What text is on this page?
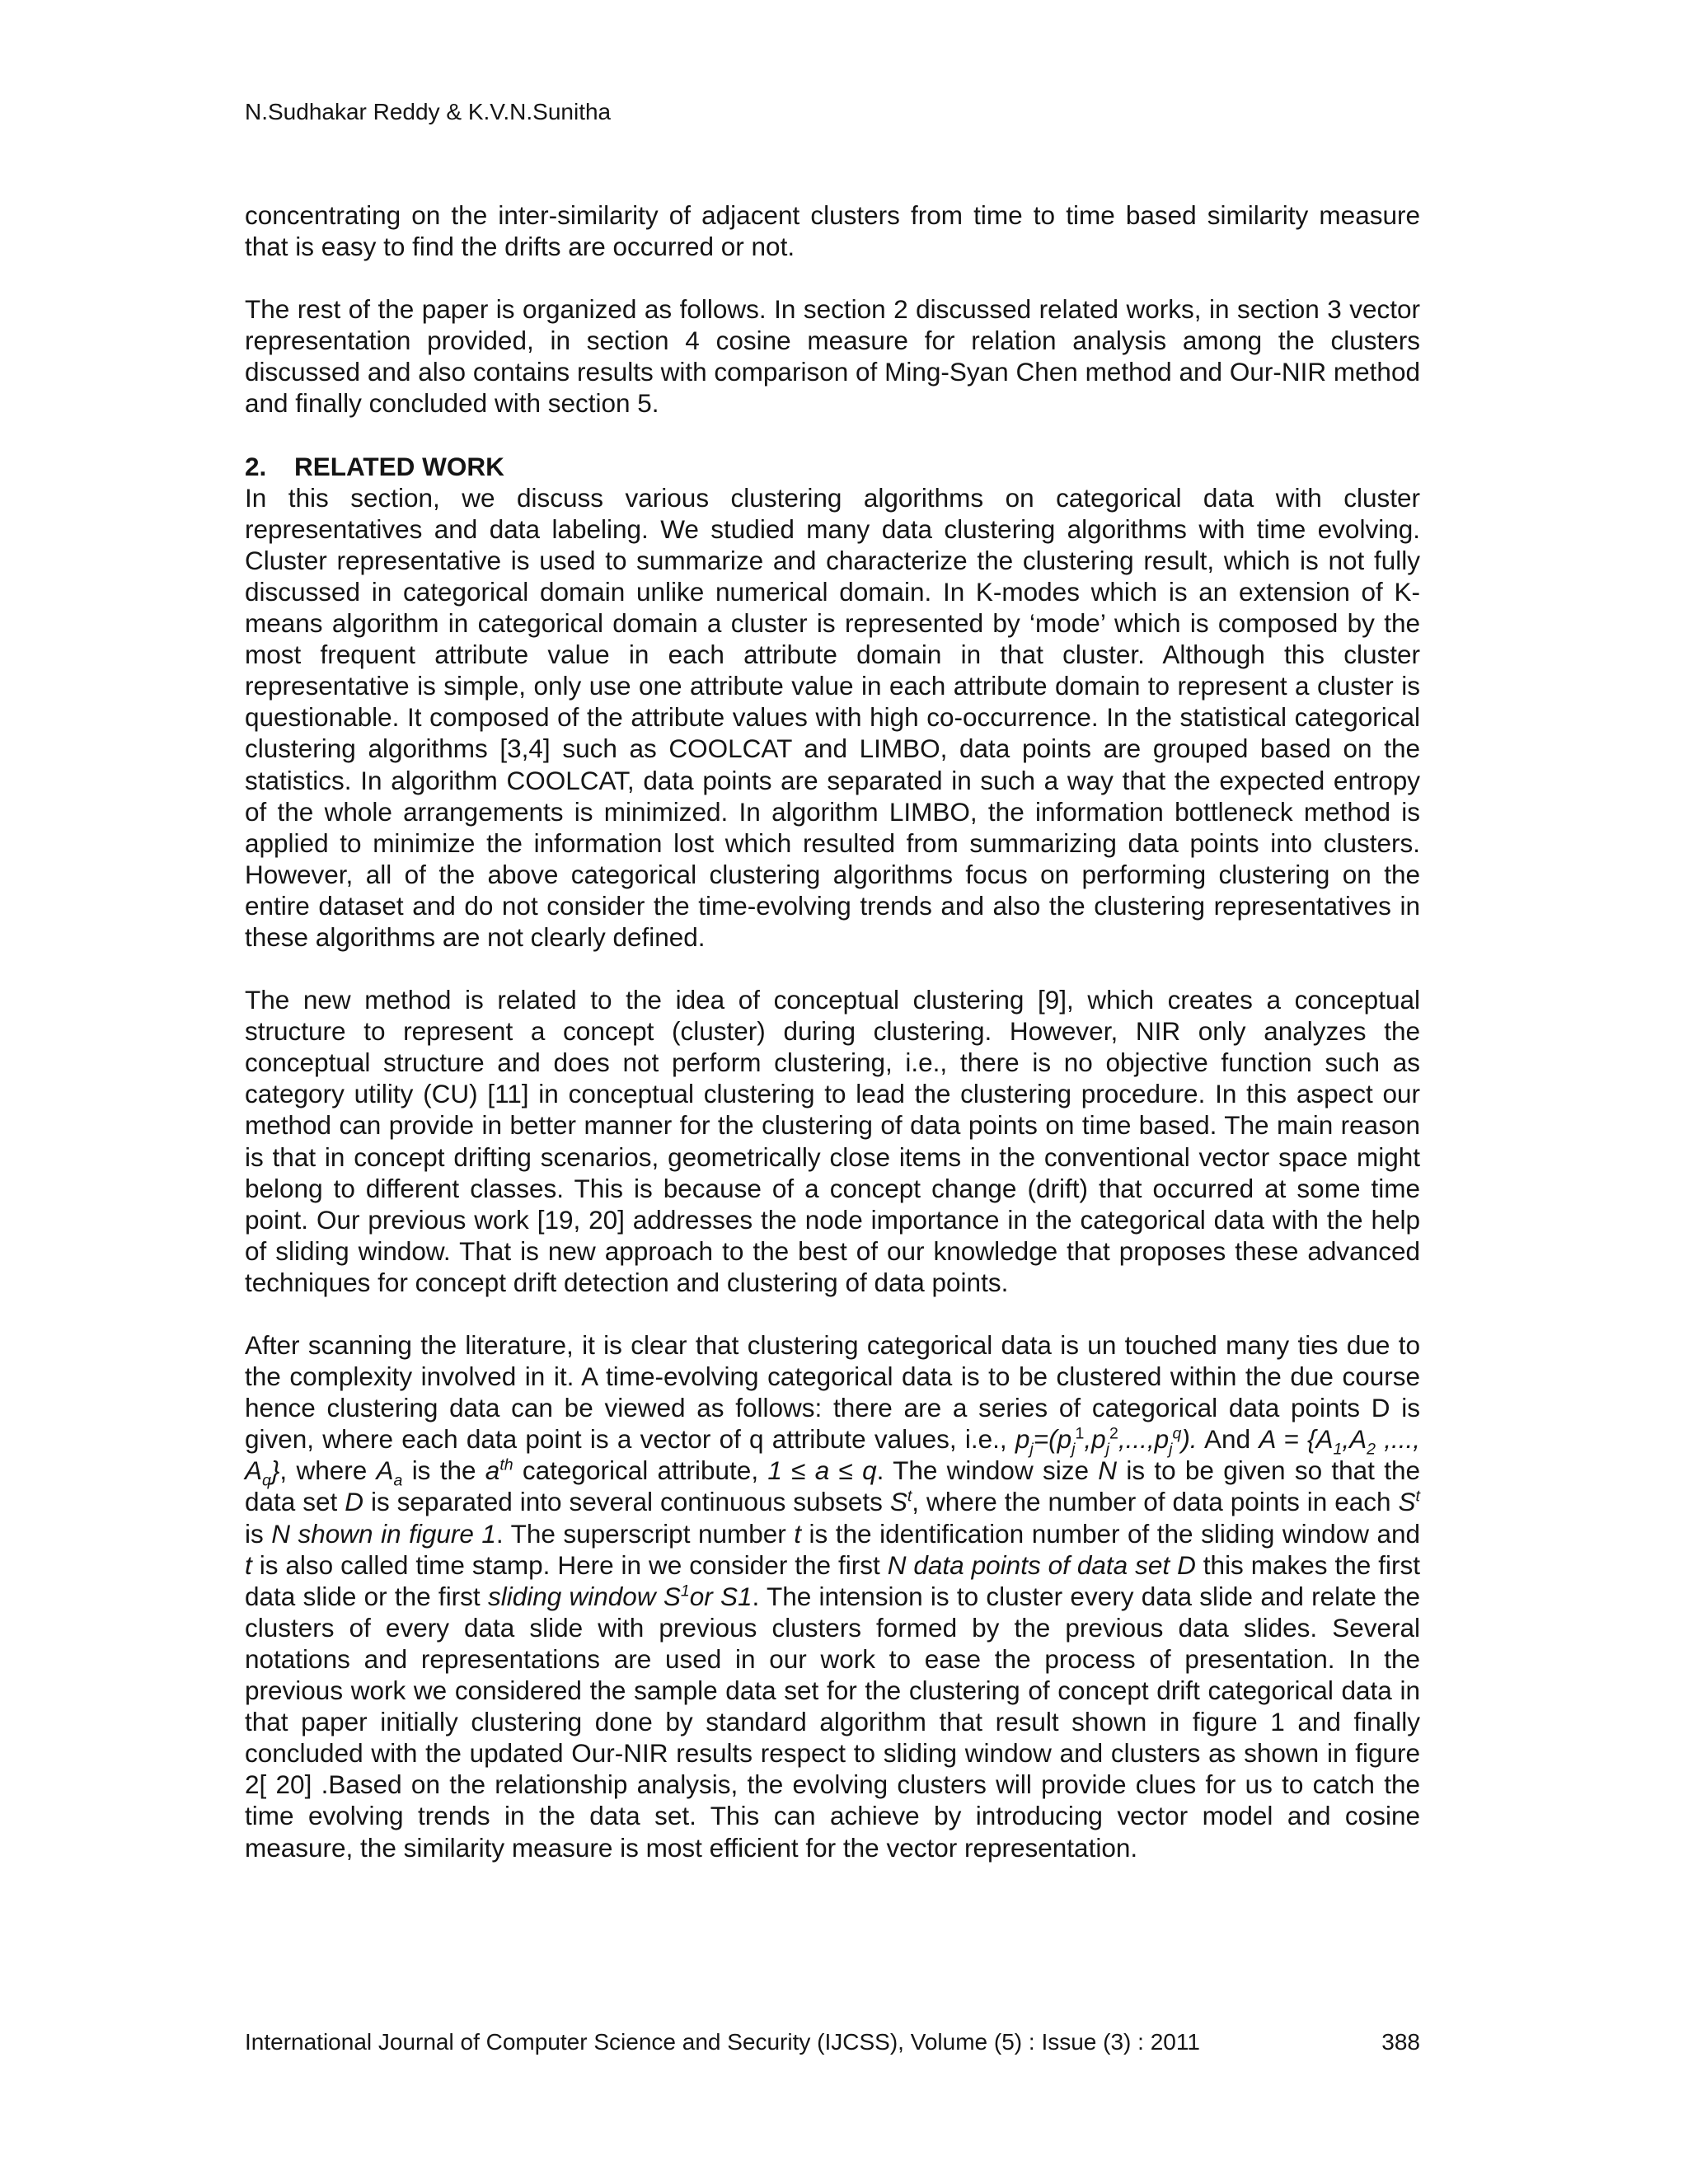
N.Sudhakar Reddy & K.V.N.Sunitha

concentrating on the inter-similarity of adjacent clusters from time to time based similarity measure that is easy to find the drifts are occurred or not.

The rest of the paper is organized as follows. In section 2 discussed related works, in section 3 vector representation provided, in section 4 cosine measure for relation analysis among the clusters discussed and also contains results with comparison of Ming-Syan Chen method and Our-NIR method and finally concluded with section 5.

2. RELATED WORK

In this section, we discuss various clustering algorithms on categorical data with cluster representatives and data labeling. We studied many data clustering algorithms with time evolving. Cluster representative is used to summarize and characterize the clustering result, which is not fully discussed in categorical domain unlike numerical domain. In K-modes which is an extension of K-means algorithm in categorical domain a cluster is represented by ‘mode’ which is composed by the most frequent attribute value in each attribute domain in that cluster. Although this cluster representative is simple, only use one attribute value in each attribute domain to represent a cluster is questionable. It composed of the attribute values with high co-occurrence. In the statistical categorical clustering algorithms [3,4] such as COOLCAT and LIMBO, data points are grouped based on the statistics. In algorithm COOLCAT, data points are separated in such a way that the expected entropy of the whole arrangements is minimized. In algorithm LIMBO, the information bottleneck method is applied to minimize the information lost which resulted from summarizing data points into clusters. However, all of the above categorical clustering algorithms focus on performing clustering on the entire dataset and do not consider the time-evolving trends and also the clustering representatives in these algorithms are not clearly defined.

The new method is related to the idea of conceptual clustering [9], which creates a conceptual structure to represent a concept (cluster) during clustering. However, NIR only analyzes the conceptual structure and does not perform clustering, i.e., there is no objective function such as category utility (CU) [11] in conceptual clustering to lead the clustering procedure. In this aspect our method can provide in better manner for the clustering of data points on time based. The main reason is that in concept drifting scenarios, geometrically close items in the conventional vector space might belong to different classes. This is because of a concept change (drift) that occurred at some time point. Our previous work [19, 20] addresses the node importance in the categorical data with the help of sliding window. That is new approach to the best of our knowledge that proposes these advanced techniques for concept drift detection and clustering of data points.

After scanning the literature, it is clear that clustering categorical data is un touched many ties due to the complexity involved in it. A time-evolving categorical data is to be clustered within the due course hence clustering data can be viewed as follows: there are a series of categorical data points D is given, where each data point is a vector of q attribute values, i.e., $p_j=(p_j^1,p_j^2,...,p_j^q)$. And $A = \{A_1,A_2$ ,..., $A_q$}, where $A_a$ is the $a^{th}$ categorical attribute, 1 ≤ a ≤ q. The window size N is to be given so that the data set D is separated into several continuous subsets $S^t$, where the number of data points in each $S^t$ is N shown in figure 1. The superscript number t is the identification number of the sliding window and t is also called time stamp. Here in we consider the first N data points of data set D this makes the first data slide or the first sliding window $S^1or$ S1. The intension is to cluster every data slide and relate the clusters of every data slide with previous clusters formed by the previous data slides. Several notations and representations are used in our work to ease the process of presentation. In the previous work we considered the sample data set for the clustering of concept drift categorical data in that paper initially clustering done by standard algorithm that result shown in figure 1 and finally concluded with the updated Our-NIR results respect to sliding window and clusters as shown in figure 2[ 20] .Based on the relationship analysis, the evolving clusters will provide clues for us to catch the time evolving trends in the data set. This can achieve by introducing vector model and cosine measure, the similarity measure is most efficient for the vector representation.

International Journal of Computer Science and Security (IJCSS), Volume (5) : Issue (3) : 2011	388
